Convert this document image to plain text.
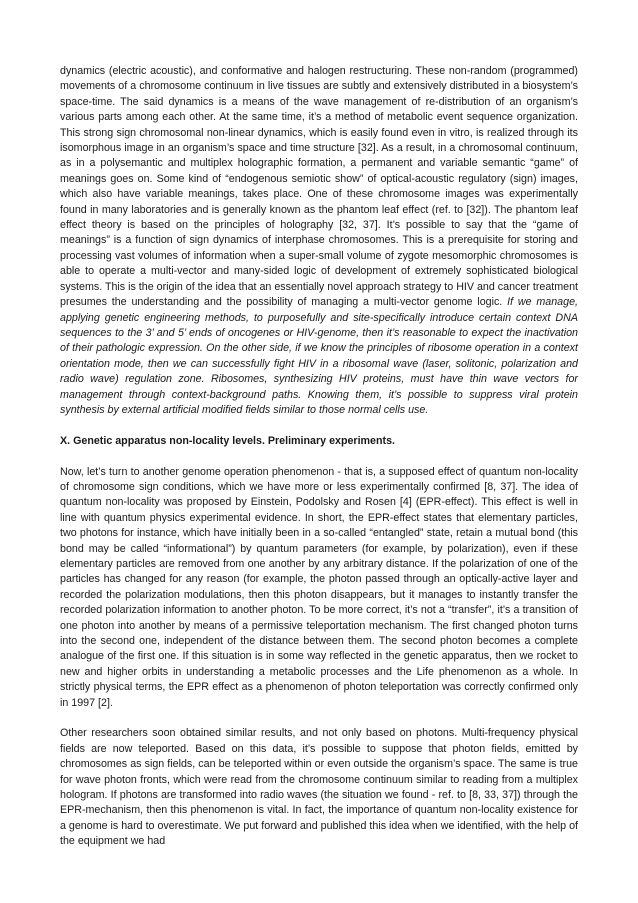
dynamics (electric acoustic), and conformative and halogen restructuring. These non-random (programmed) movements of a chromosome continuum in live tissues are subtly and extensively distributed in a biosystem’s space-time. The said dynamics is a means of the wave management of re-distribution of an organism’s various parts among each other. At the same time, it’s a method of metabolic event sequence organization. This strong sign chromosomal non-linear dynamics, which is easily found even in vitro, is realized through its isomorphous image in an organism’s space and time structure [32]. As a result, in a chromosomal continuum, as in a polysemantic and multiplex holographic formation, a permanent and variable semantic “game” of meanings goes on. Some kind of “endogenous semiotic show” of optical-acoustic regulatory (sign) images, which also have variable meanings, takes place. One of these chromosome images was experimentally found in many laboratories and is generally known as the phantom leaf effect (ref. to [32]). The phantom leaf effect theory is based on the principles of holography [32, 37]. It’s possible to say that the “game of meanings” is a function of sign dynamics of interphase chromosomes. This is a prerequisite for storing and processing vast volumes of information when a super-small volume of zygote mesomorphic chromosomes is able to operate a multi-vector and many-sided logic of development of extremely sophisticated biological systems. This is the origin of the idea that an essentially novel approach strategy to HIV and cancer treatment presumes the understanding and the possibility of managing a multi-vector genome logic. If we manage, applying genetic engineering methods, to purposefully and site-specifically introduce certain context DNA sequences to the 3’ and 5’ ends of oncogenes or HIV-genome, then it’s reasonable to expect the inactivation of their pathologic expression. On the other side, if we know the principles of ribosome operation in a context orientation mode, then we can successfully fight HIV in a ribosomal wave (laser, solitonic, polarization and radio wave) regulation zone. Ribosomes, synthesizing HIV proteins, must have thin wave vectors for management through context-background paths. Knowing them, it’s possible to suppress viral protein synthesis by external artificial modified fields similar to those normal cells use.

X. Genetic apparatus non-locality levels. Preliminary experiments.

Now, let’s turn to another genome operation phenomenon - that is, a supposed effect of quantum non-locality of chromosome sign conditions, which we have more or less experimentally confirmed [8, 37]. The idea of quantum non-locality was proposed by Einstein, Podolsky and Rosen [4] (EPR-effect). This effect is well in line with quantum physics experimental evidence. In short, the EPR-effect states that elementary particles, two photons for instance, which have initially been in a so-called “entangled” state, retain a mutual bond (this bond may be called “informational”) by quantum parameters (for example, by polarization), even if these elementary particles are removed from one another by any arbitrary distance. If the polarization of one of the particles has changed for any reason (for example, the photon passed through an optically-active layer and recorded the polarization modulations, then this photon disappears, but it manages to instantly transfer the recorded polarization information to another photon. To be more correct, it’s not a “transfer”, it’s a transition of one photon into another by means of a permissive teleportation mechanism. The first changed photon turns into the second one, independent of the distance between them. The second photon becomes a complete analogue of the first one. If this situation is in some way reflected in the genetic apparatus, then we rocket to new and higher orbits in understanding a metabolic processes and the Life phenomenon as a whole. In strictly physical terms, the EPR effect as a phenomenon of photon teleportation was correctly confirmed only in 1997 [2].

Other researchers soon obtained similar results, and not only based on photons. Multi-frequency physical fields are now teleported. Based on this data, it’s possible to suppose that photon fields, emitted by chromosomes as sign fields, can be teleported within or even outside the organism’s space. The same is true for wave photon fronts, which were read from the chromosome continuum similar to reading from a multiplex hologram. If photons are transformed into radio waves (the situation we found - ref. to [8, 33, 37]) through the EPR-mechanism, then this phenomenon is vital. In fact, the importance of quantum non-locality existence for a genome is hard to overestimate. We put forward and published this idea when we identified, with the help of the equipment we had
